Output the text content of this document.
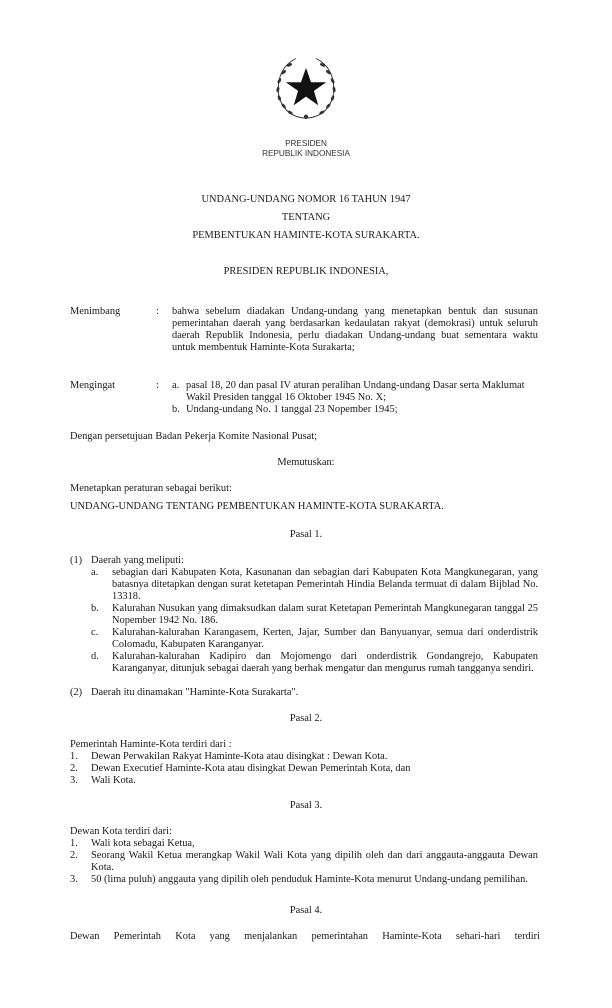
PRESIDEN
REPUBLIK INDONESIA
UNDANG-UNDANG NOMOR 16 TAHUN 1947
TENTANG
PEMBENTUKAN HAMINTE-KOTA SURAKARTA.
PRESIDEN REPUBLIK INDONESIA,
Menimbang	: bahwa sebelum diadakan Undang-undang yang menetapkan bentuk dan susunan pemerintahan daerah yang berdasarkan kedaulatan rakyat (demokrasi) untuk seluruh daerah Republik Indonesia, perlu diadakan Undang-undang buat sementara waktu untuk membentuk Haminte-Kota Surakarta;
Mengingat	: a. pasal 18, 20 dan pasal IV aturan peralihan Undang-undang Dasar serta Maklumat Wakil Presiden tanggal 16 Oktober 1945 No. X;
b. Undang-undang No. 1 tanggal 23 Nopember 1945;
Dengan persetujuan Badan Pekerja Komite Nasional Pusat;
Memutuskan:
Menetapkan peraturan sebagai berikut:
UNDANG-UNDANG TENTANG PEMBENTUKAN HAMINTE-KOTA SURAKARTA.
Pasal 1.
(1) Daerah yang meliputi:
a. sebagian dari Kabupaten Kota, Kasunanan dan sebagian dari Kabupaten Kota Mangkunegaran, yang batasnya ditetapkan dengan surat ketetapan Pemerintah Hindia Belanda termuat di dalam Bijblad No. 13318.
b. Kalurahan Nusukan yang dimaksudkan dalam surat Ketetapan Pemerintah Mangkunegaran tanggal 25 Nopember 1942 No. 186.
c. Kalurahan-kalurahan Karangasem, Kerten, Jajar, Sumber dan Banyuanyar, semua dari onderdistrik Colomadu, Kabupaten Karanganyar.
d. Kalurahan-kalurahan Kadipiro dan Mojomengo dari onderdistrik Gondangrejo, Kabupaten Karanganyar, ditunjuk sebagai daerah yang berhak mengatur dan mengurus rumah tangganya sendiri.
(2) Daerah itu dinamakan "Haminte-Kota Surakarta".
Pasal 2.
Pemerintah Haminte-Kota terdiri dari :
1. Dewan Perwakilan Rakyat Haminte-Kota atau disingkat : Dewan Kota.
2. Dewan Executief Haminte-Kota atau disingkat Dewan Pemerintah Kota, dan
3. Wali Kota.
Pasal 3.
Dewan Kota terdiri dari:
1. Wali kota sebagai Ketua,
2. Seorang Wakil Ketua merangkap Wakil Wali Kota yang dipilih oleh dan dari anggauta-anggauta Dewan Kota.
3. 50 (lima puluh) anggauta yang dipilih oleh penduduk Haminte-Kota menurut Undang-undang pemilihan.
Pasal 4.
Dewan Pemerintah Kota yang menjalankan pemerintahan Haminte-Kota sehari-hari terdiri
